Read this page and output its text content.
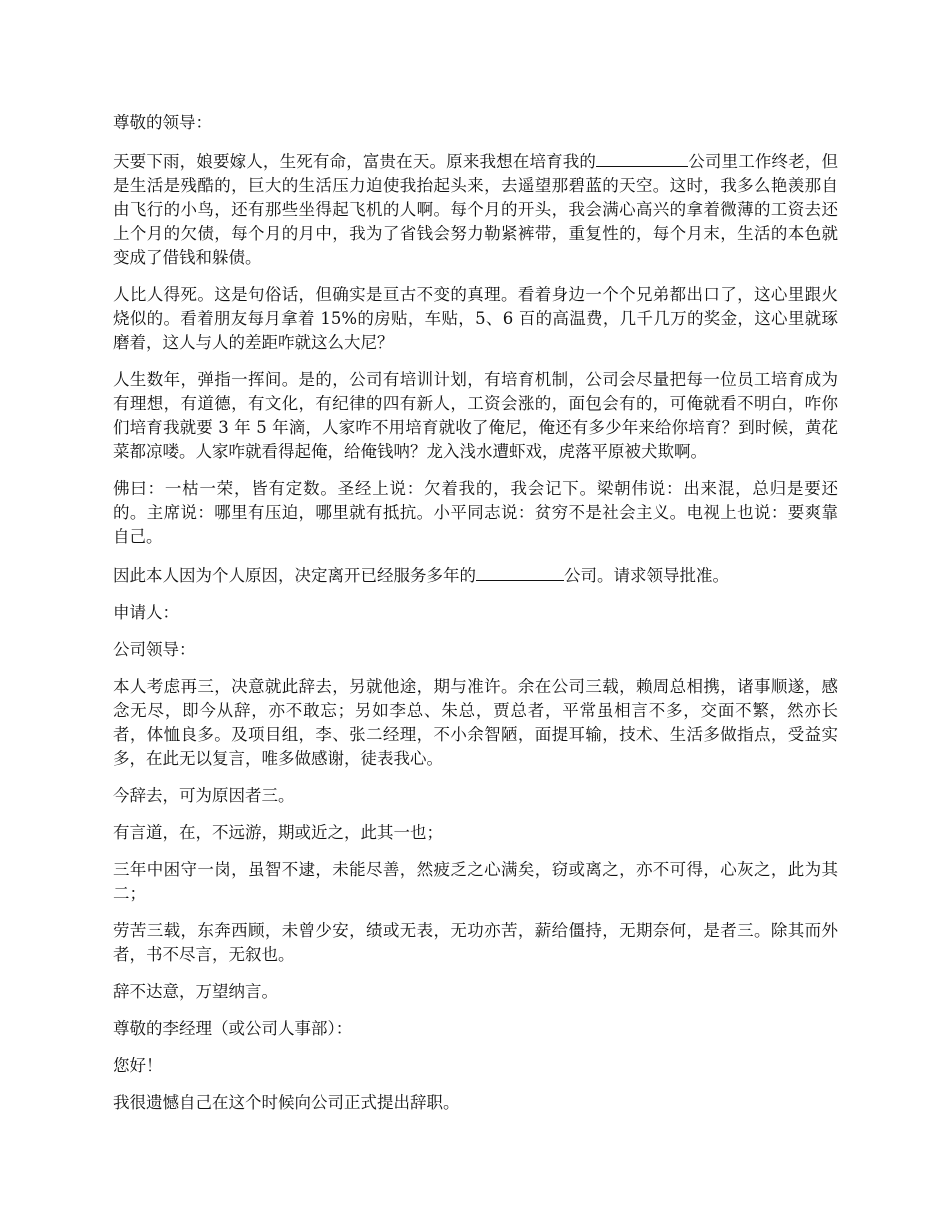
尊敬的领导：

天要下雨，娘要嫁人，生死有命，富贵在天。原来我想在培育我的	公司里工作终老，但是生活是残酷的，巨大的生活压力迫使我抬起头来，去遥望那碧蓝的天空。这时，我多么艳羡那自由飞行的小鸟，还有那些坐得起飞机的人啊。每个月的开头，我会满心高兴的拿着微薄的工资去还上个月的欠债，每个月的月中，我为了省钱会努力勒紧裤带，重复性的，每个月末，生活的本色就变成了借钱和躲债。

人比人得死。这是句俗话，但确实是亘古不变的真理。看着身边一个个兄弟都出口了，这心里跟火烧似的。看着朋友每月拿着 15%的房贴，车贴，5、6 百的高温费，几千几万的奖金，这心里就琢磨着，这人与人的差距咋就这么大尼？

人生数年，弹指一挥间。是的，公司有培训计划，有培育机制，公司会尽量把每一位员工培育成为有理想，有道德，有文化，有纪律的四有新人，工资会涨的，面包会有的，可俺就看不明白，咋你们培育我就要 3 年 5 年滴，人家咋不用培育就收了俺尼，俺还有多少年来给你培育？到时候，黄花菜都凉喽。人家咋就看得起俺，给俺钱呐？龙入浅水遭虾戏，虎落平原被犬欺啊。

佛曰：一枯一荣，皆有定数。圣经上说：欠着我的，我会记下。梁朝伟说：出来混，总归是要还的。主席说：哪里有压迫，哪里就有抵抗。小平同志说：贫穷不是社会主义。电视上也说：要爽靠自己。

因此本人因为个人原因，决定离开已经服务多年的	公司。请求领导批准。

申请人：

公司领导：

本人考虑再三，决意就此辞去，另就他途，期与准许。余在公司三载，赖周总相携，诸事顺遂，感念无尽，即今从辞，亦不敢忘；另如李总、朱总，贾总者，平常虽相言不多，交面不繁，然亦长者，体恤良多。及项目组，李、张二经理，不小余智陋，面提耳输，技术、生活多做指点，受益实多，在此无以复言，唯多做感谢，徒表我心。

今辞去，可为原因者三。

有言道，在，不远游，期或近之，此其一也；

三年中困守一岗，虽智不逮，未能尽善，然疲乏之心满矣，窃或离之，亦不可得，心灰之，此为其二；

劳苦三载，东奔西顾，未曾少安，绩或无表，无功亦苦，薪给僵持，无期奈何，是者三。除其而外者，书不尽言，无叙也。

辞不达意，万望纳言。

尊敬的李经理（或公司人事部）：

您好！

我很遗憾自己在这个时候向公司正式提出辞职。
